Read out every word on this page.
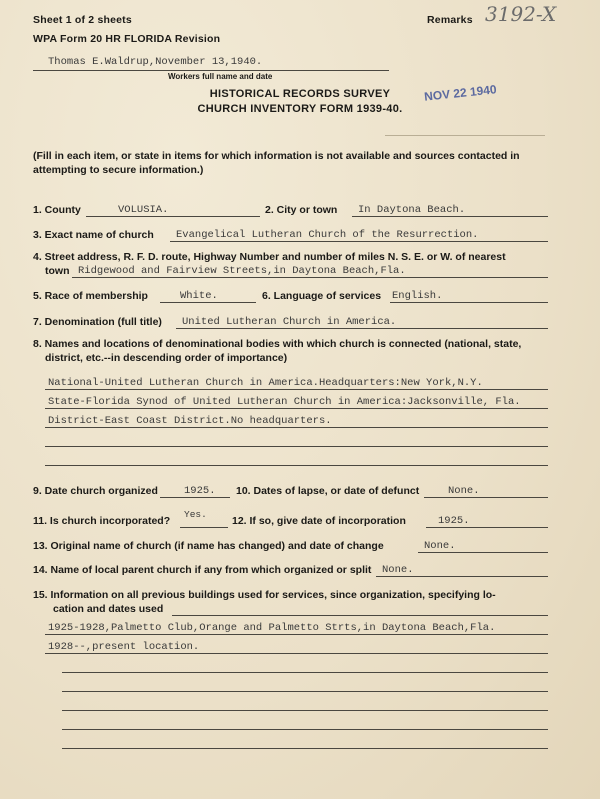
Sheet 1 of 2 sheets
WPA Form 20 HR FLORIDA Revision
Remarks 3192-X
Thomas E.Waldrup,November 13,1940.
Workers full name and date
HISTORICAL RECORDS SURVEY
CHURCH INVENTORY FORM 1939-40.
NOV 22 1940
(Fill in each item, or state in items for which information is not available and sources contacted in
attempting to secure information.)
1. County	VOLUSIA.	2. City or town In Daytona Beach.
3. Exact name of church Evangelical Lutheran Church of the Resurrection.
4. Street address, R. F. D. route, Highway Number and number of miles N. S. E. or W. of nearest
town Ridgewood and Fairview Streets,in Daytona Beach,Fla.
5. Race of membership	White.	6. Language of services English.
7. Denomination (full title) United Lutheran Church in America.
8. Names and locations of denominational bodies with which church is connected (national, state,
district, etc.--in descending order of importance)
National-United Lutheran Church in America.Headquarters:New York,N.Y.
State-Florida Synod of United Lutheran Church in America:Jacksonville, Fla.
District-East Coast District.No headquarters.
9. Date church organized 1925. 10. Dates of lapse, or date of defunct	None.
11. Is church incorporated?
Yes.
12. If so, give date of incorporation	1925.
13. Original name of church (if name has changed) and date of change	None.
14. Name of local parent church if any from which organized or split None.
15. Information on all previous buildings used for services, since organization, specifying lo-
cation and dates used
1925-1928,Palmetto Club,Orange and Palmetto Strts,in Daytona Beach,Fla.
1928--,present location.
